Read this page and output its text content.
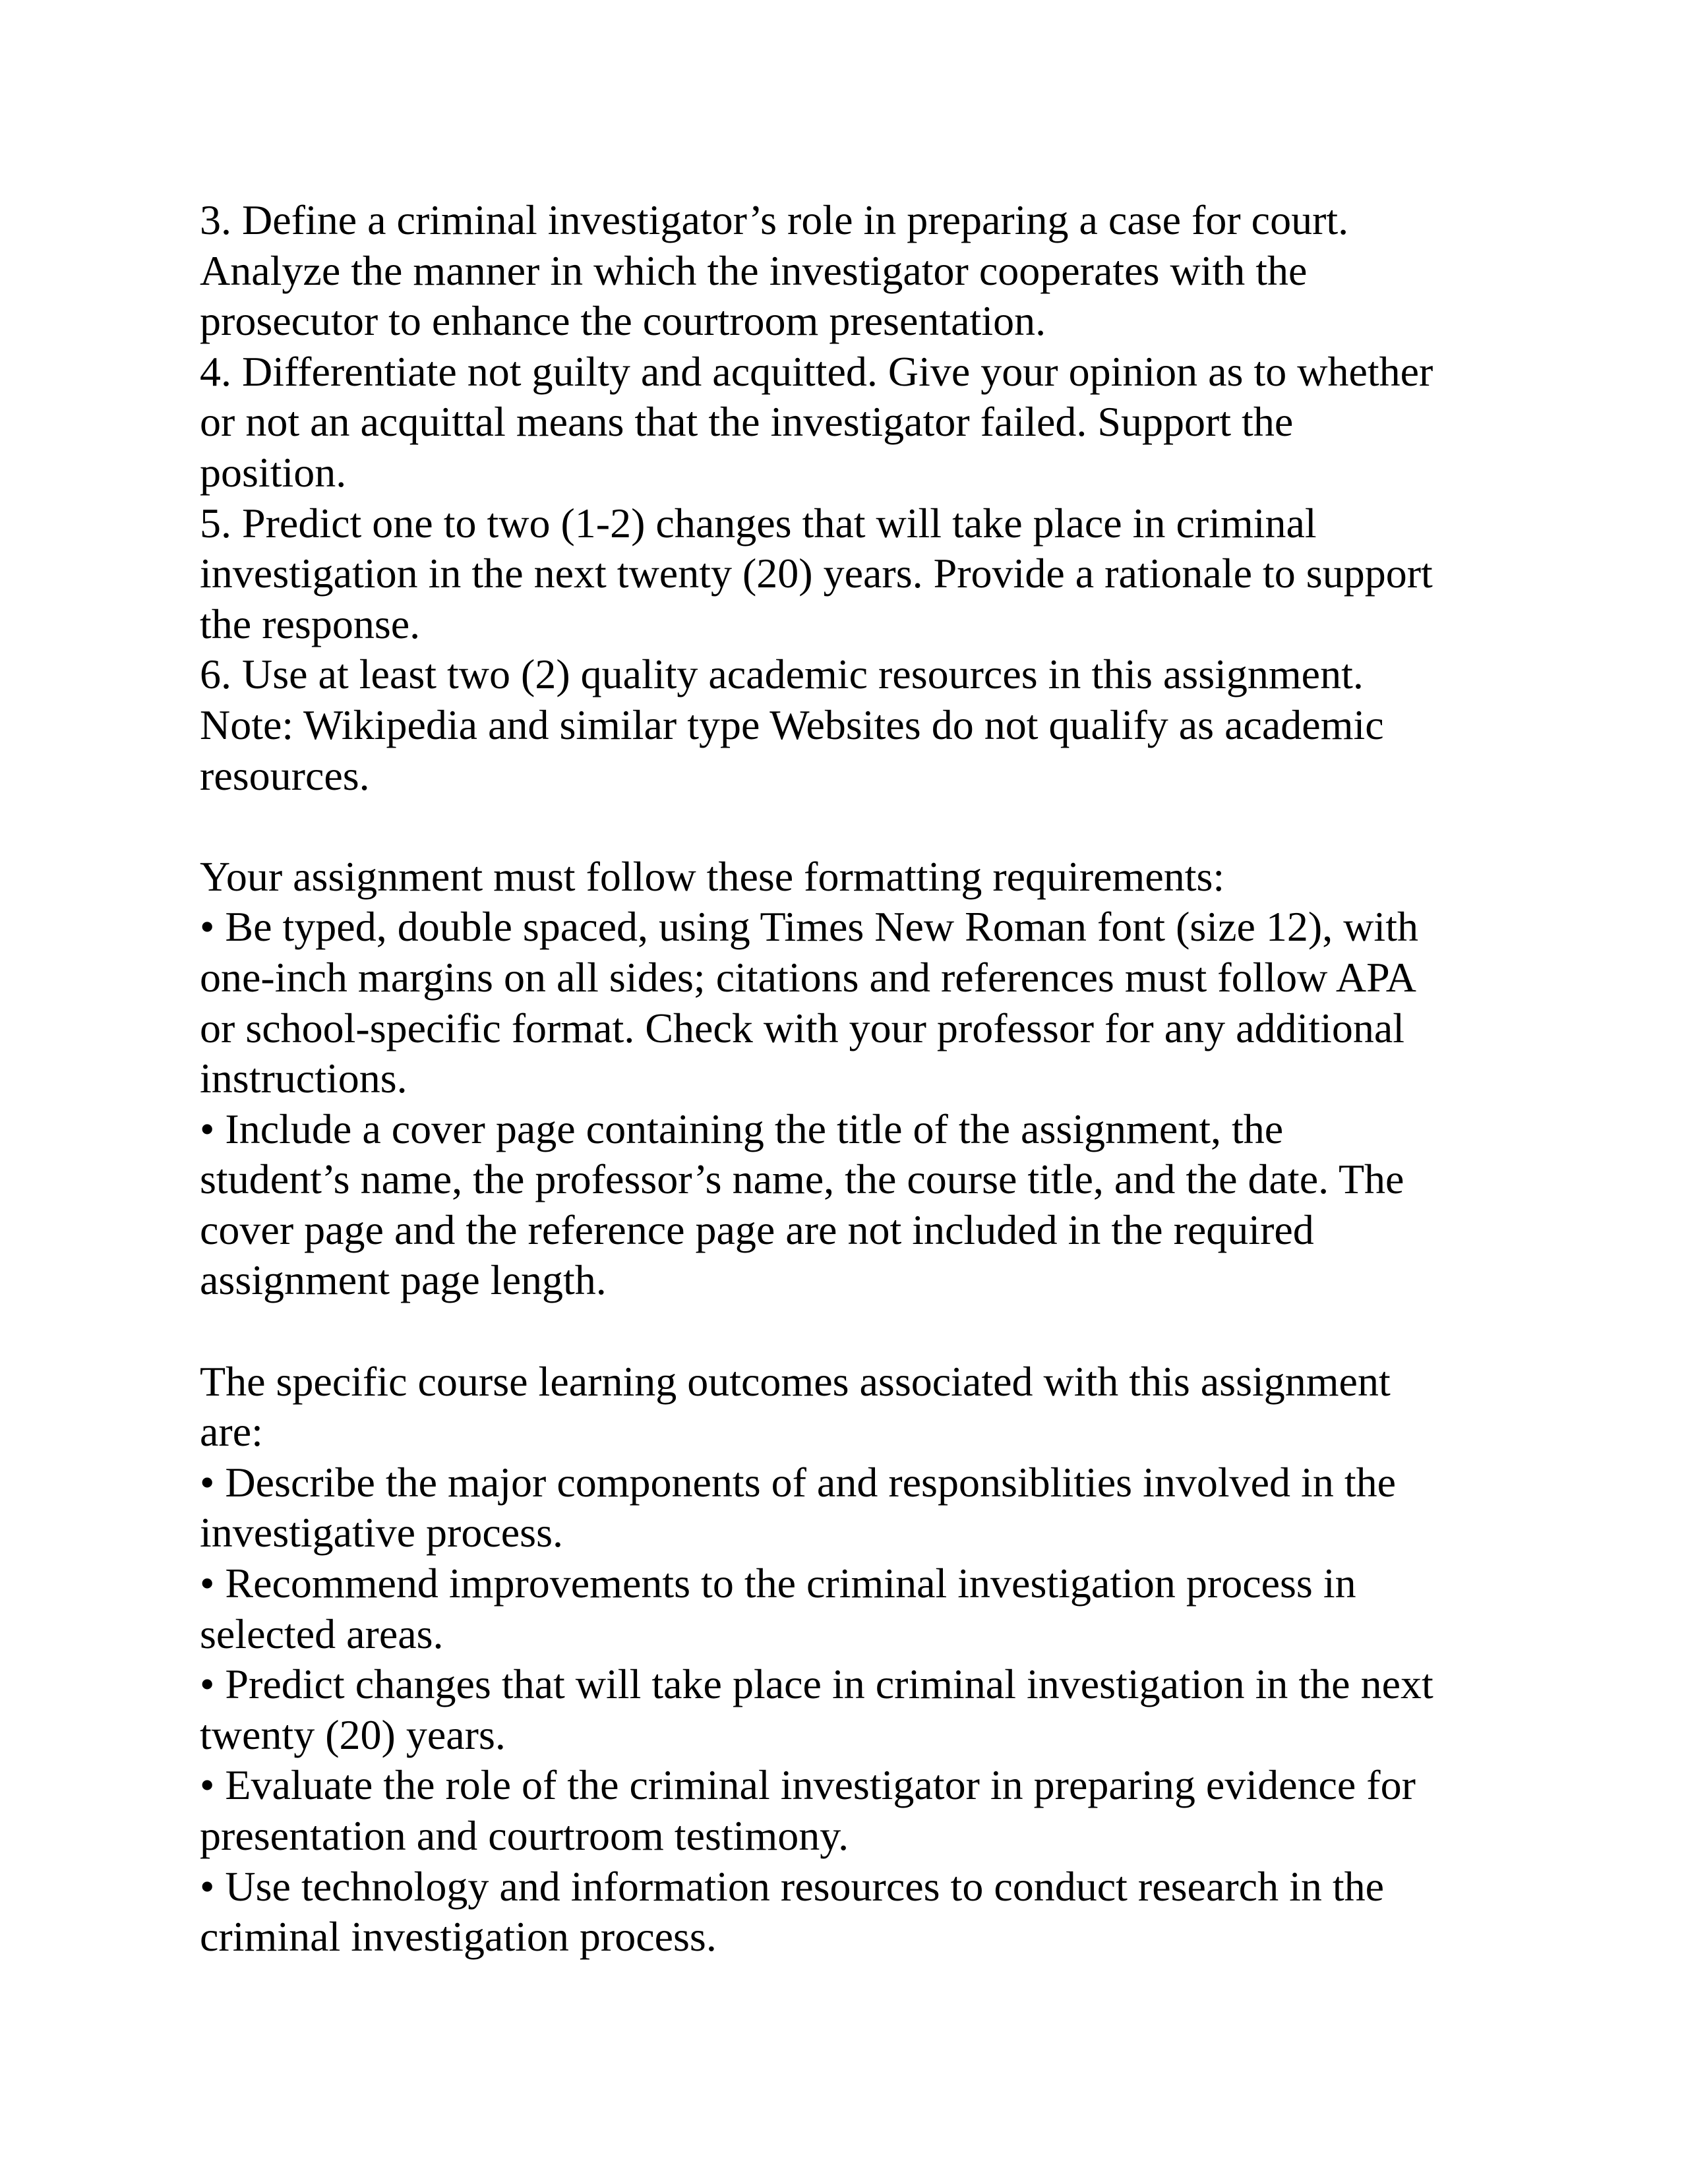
3. Define a criminal investigator’s role in preparing a case for court.
Analyze the manner in which the investigator cooperates with the
prosecutor to enhance the courtroom presentation.
4. Differentiate not guilty and acquitted. Give your opinion as to whether
or not an acquittal means that the investigator failed. Support the
position.
5. Predict one to two (1-2) changes that will take place in criminal
investigation in the next twenty (20) years. Provide a rationale to support
the response.
6. Use at least two (2) quality academic resources in this assignment.
Note: Wikipedia and similar type Websites do not qualify as academic
resources.
Your assignment must follow these formatting requirements:
• Be typed, double spaced, using Times New Roman font (size 12), with
one-inch margins on all sides; citations and references must follow APA
or school-specific format. Check with your professor for any additional
instructions.
• Include a cover page containing the title of the assignment, the
student’s name, the professor’s name, the course title, and the date. The
cover page and the reference page are not included in the required
assignment page length.
The specific course learning outcomes associated with this assignment
are:
• Describe the major components of and responsiblities involved in the
investigative process.
• Recommend improvements to the criminal investigation process in
selected areas.
• Predict changes that will take place in criminal investigation in the next
twenty (20) years.
• Evaluate the role of the criminal investigator in preparing evidence for
presentation and courtroom testimony.
• Use technology and information resources to conduct research in the
criminal investigation process.
